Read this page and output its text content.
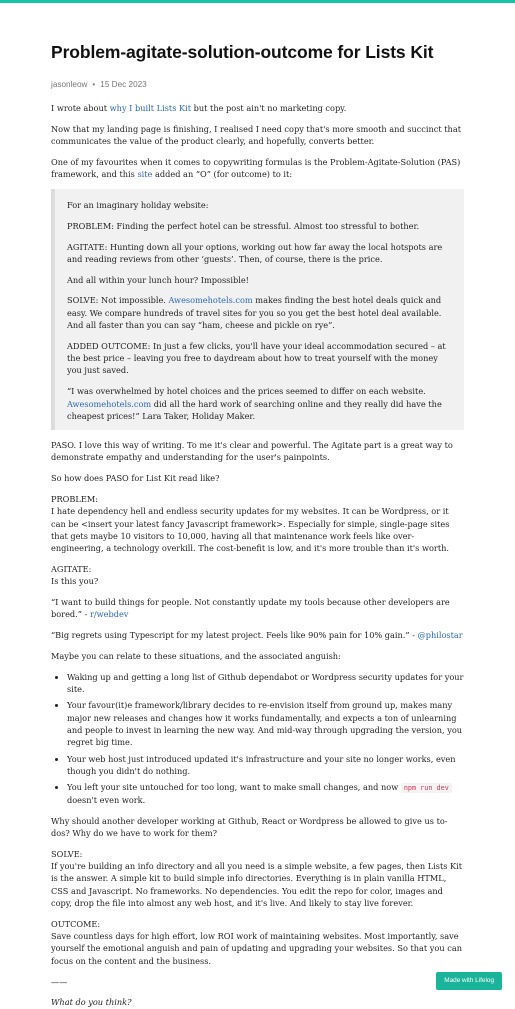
Problem-agitate-solution-outcome for Lists Kit
jasonleow • 15 Dec 2023

I wrote about why I built Lists Kit but the post ain't no marketing copy.

Now that my landing page is finishing, I realised I need copy that's more smooth and succinct that communicates the value of the product clearly, and hopefully, converts better.

One of my favourites when it comes to copywriting formulas is the Problem-Agitate-Solution (PAS) framework, and this site added an “O” (for outcome) to it:

For an imaginary holiday website:

PROBLEM: Finding the perfect hotel can be stressful. Almost too stressful to bother.

AGITATE: Hunting down all your options, working out how far away the local hotspots are and reading reviews from other ‘guests’. Then, of course, there is the price.

And all within your lunch hour? Impossible!

SOLVE: Not impossible. Awesomehotels.com makes finding the best hotel deals quick and easy. We compare hundreds of travel sites for you so you get the best hotel deal available. And all faster than you can say “ham, cheese and pickle on rye”.

ADDED OUTCOME: In just a few clicks, you'll have your ideal accommodation secured – at the best price – leaving you free to daydream about how to treat yourself with the money you just saved.

“I was overwhelmed by hotel choices and the prices seemed to differ on each website. Awesomehotels.com did all the hard work of searching online and they really did have the cheapest prices!” Lara Taker, Holiday Maker.

PASO. I love this way of writing. To me it's clear and powerful. The Agitate part is a great way to demonstrate empathy and understanding for the user's painpoints.

So how does PASO for List Kit read like?

PROBLEM:
I hate dependency hell and endless security updates for my websites. It can be Wordpress, or it can be <insert your latest fancy Javascript framework>. Especially for simple, single-page sites that gets maybe 10 visitors to 10,000, having all that maintenance work feels like over-engineering, a technology overkill. The cost-benefit is low, and it's more trouble than it's worth.

AGITATE:
Is this you?

“I want to build things for people. Not constantly update my tools because other developers are bored.” - r/webdev

“Big regrets using Typescript for my latest project. Feels like 90% pain for 10% gain.” - @philostar

Maybe you can relate to these situations, and the associated anguish:

• Waking up and getting a long list of Github dependabot or Wordpress security updates for your site.
• Your favour(it)e framework/library decides to re-envision itself from ground up, makes many major new releases and changes how it works fundamentally, and expects a ton of unlearning and people to invest in learning the new way. And mid-way through upgrading the version, you regret big time.
• Your web host just introduced updated it's infrastructure and your site no longer works, even though you didn't do nothing.
• You left your site untouched for too long, want to make small changes, and now npm run dev doesn't even work.

Why should another developer working at Github, React or Wordpress be allowed to give us to-dos? Why do we have to work for them?

SOLVE:
If you're building an info directory and all you need is a simple website, a few pages, then Lists Kit is the answer. A simple kit to build simple info directories. Everything is in plain vanilla HTML, CSS and Javascript. No frameworks. No dependencies. You edit the repo for color, images and copy, drop the file into almost any web host, and it's live. And likely to stay live forever.

OUTCOME:
Save countless days for high effort, low ROI work of maintaining websites. Most importantly, save yourself the emotional anguish and pain of updating and upgrading your websites. So that you can focus on the content and the business.

——

What do you think?

Made with Lifelog
